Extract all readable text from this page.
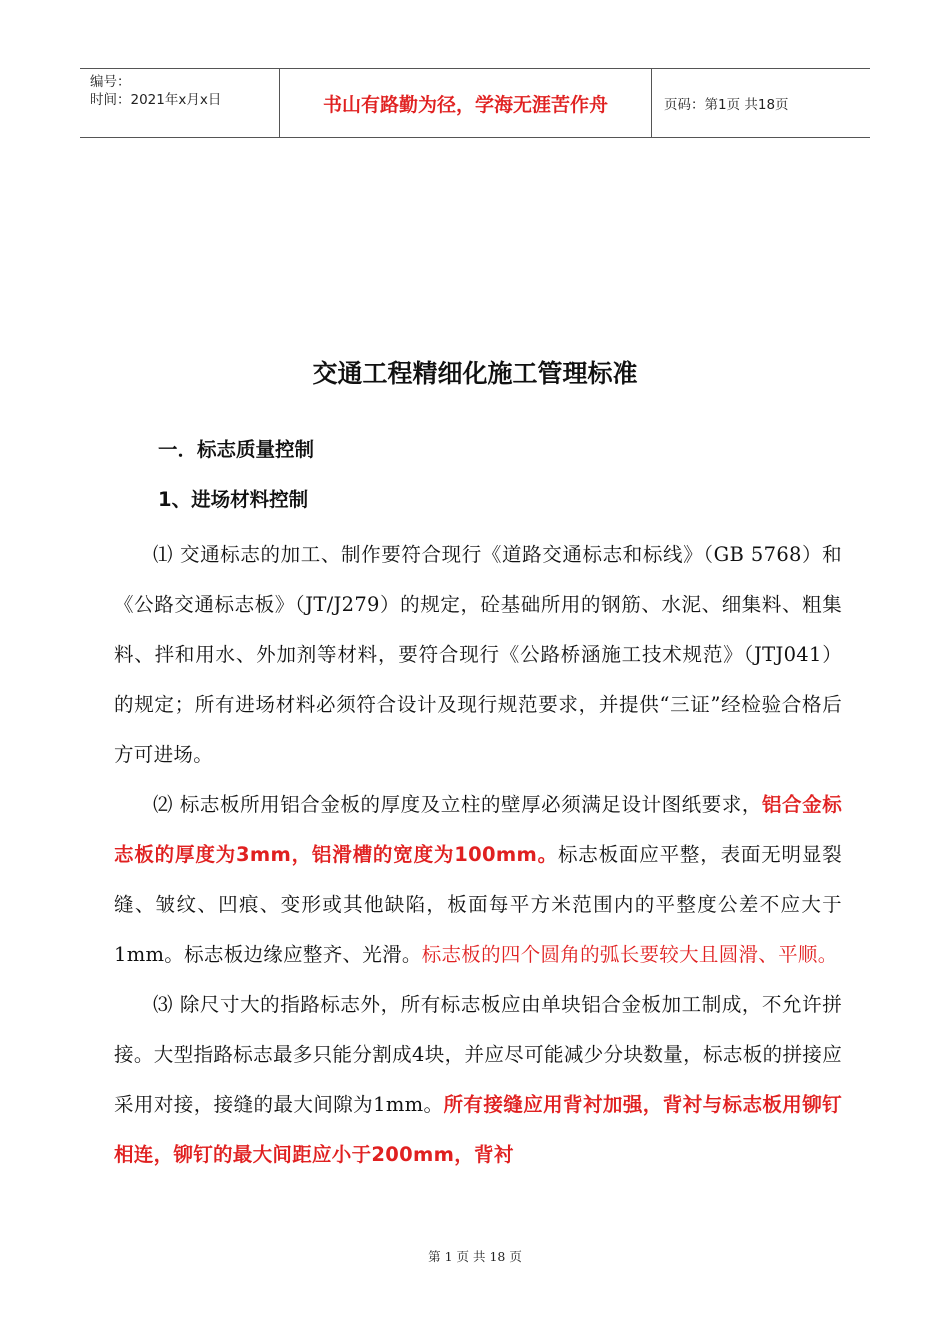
编号：
时间：2021年x月x日	书山有路勤为径，学海无涯苦作舟	页码：第1页 共18页
交通工程精细化施工管理标准
一．标志质量控制
1、进场材料控制

⑴ 交通标志的加工、制作要符合现行《道路交通标志和标线》（GB 5768）和《公路交通标志板》（JT/J279）的规定，砼基础所用的钢筋、水泥、细集料、粗集料、拌和用水、外加剂等材料，要符合现行《公路桥涵施工技术规范》（JTJ041）的规定；所有进场材料必须符合设计及现行规范要求，并提供“三证”经检验合格后方可进场。

⑵ 标志板所用铝合金板的厚度及立柱的壁厚必须满足设计图纸要求，铝合金标志板的厚度为3mm，铝滑槽的宽度为100mm。标志板面应平整，表面无明显裂缝、皱纹、凹痕、变形或其他缺陷，板面每平方米范围内的平整度公差不应大于1mm。标志板边缘应整齐、光滑。标志板的四个圆角的弧长要较大且圆滑、平顺。

⑶ 除尺寸大的指路标志外，所有标志板应由单块铝合金板加工制成，不允许拼接。大型指路标志最多只能分割成4块，并应尽可能减少分块数量，标志板的拼接应采用对接，接缝的最大间隙为1mm。所有接缝应用背衬加强，背衬与标志板用铆钉相连，铆钉的最大间距应小于200mm，背衬

第 1 页 共 18 页
